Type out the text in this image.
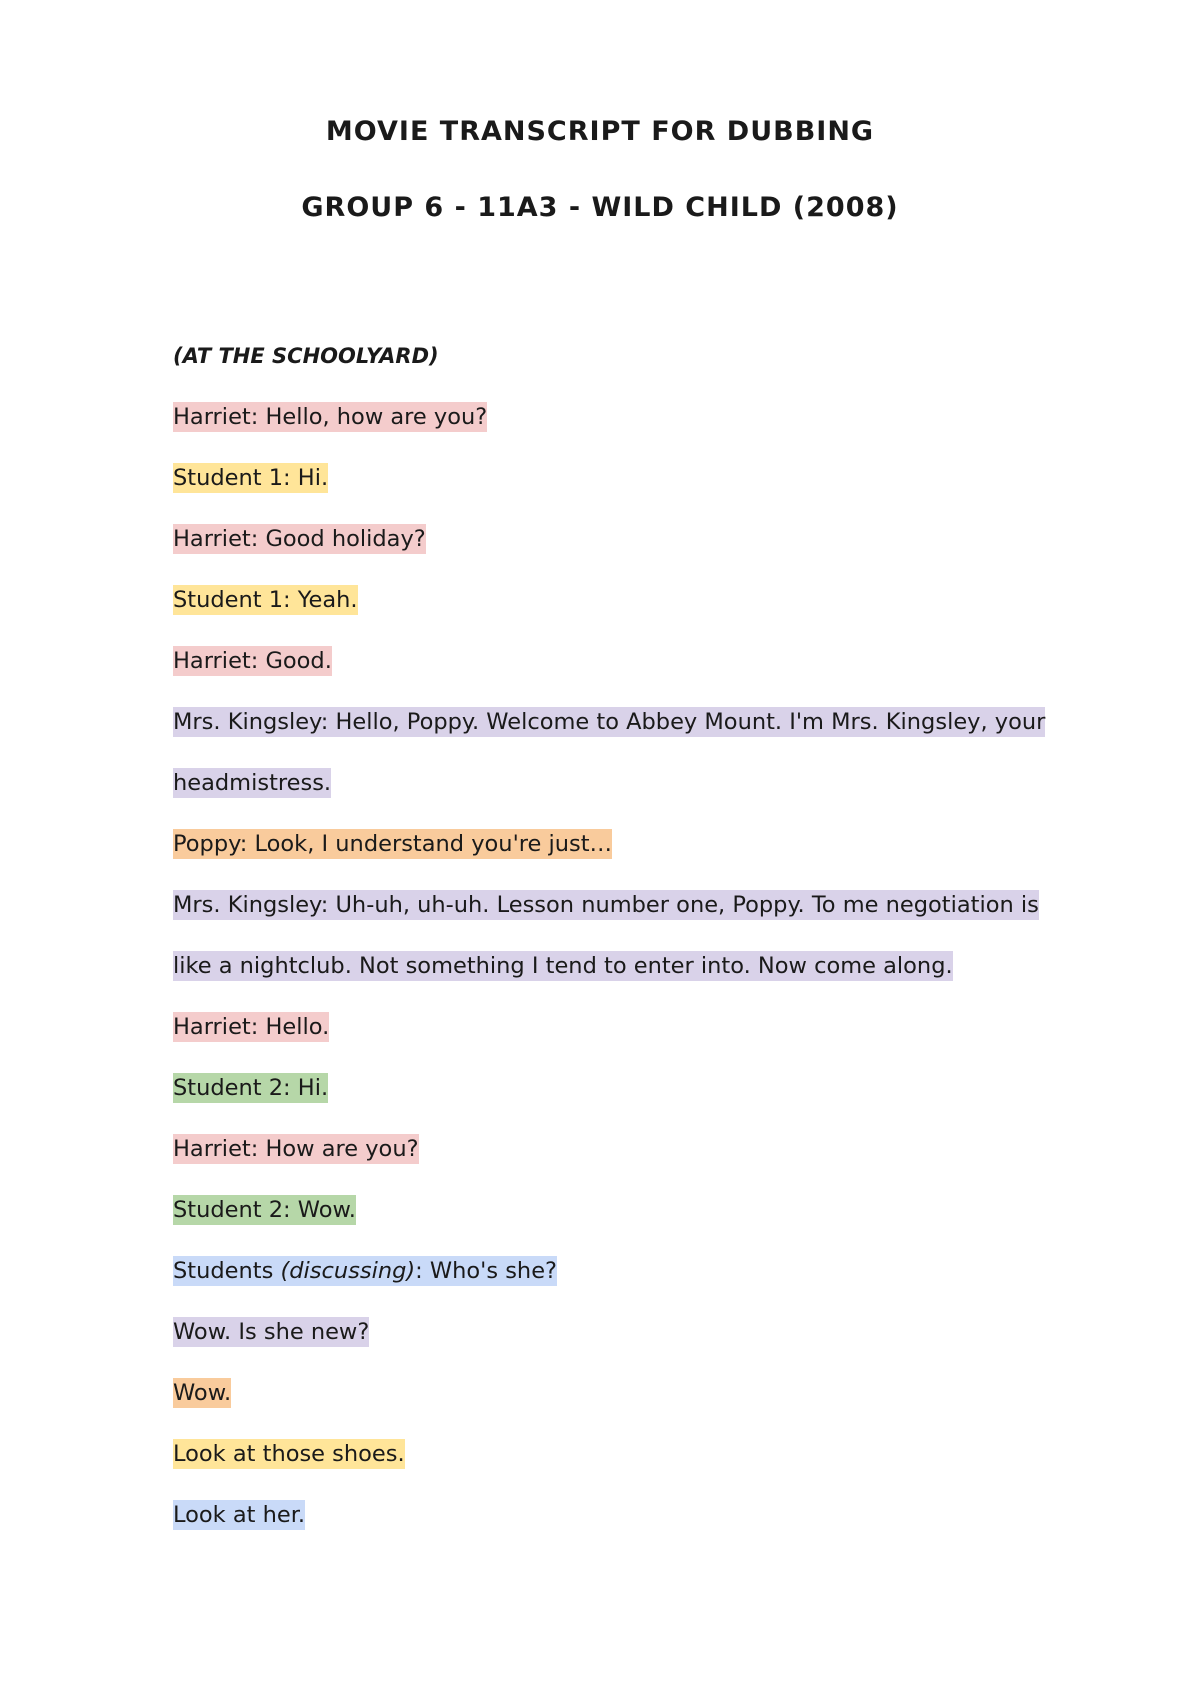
MOVIE TRANSCRIPT FOR DUBBING
GROUP 6 - 11A3 - WILD CHILD (2008)
(AT THE SCHOOLYARD)
Harriet: Hello, how are you?
Student 1: Hi.
Harriet: Good holiday?
Student 1: Yeah.
Harriet: Good.
Mrs. Kingsley: Hello, Poppy. Welcome to Abbey Mount. I'm Mrs. Kingsley, your
headmistress.
Poppy: Look, I understand you're just…
Mrs. Kingsley: Uh-uh, uh-uh. Lesson number one, Poppy. To me negotiation is
like a nightclub. Not something I tend to enter into. Now come along.
Harriet: Hello.
Student 2: Hi.
Harriet: How are you?
Student 2: Wow.
Students (discussing): Who's she?
Wow. Is she new?
Wow.
Look at those shoes.
Look at her.
